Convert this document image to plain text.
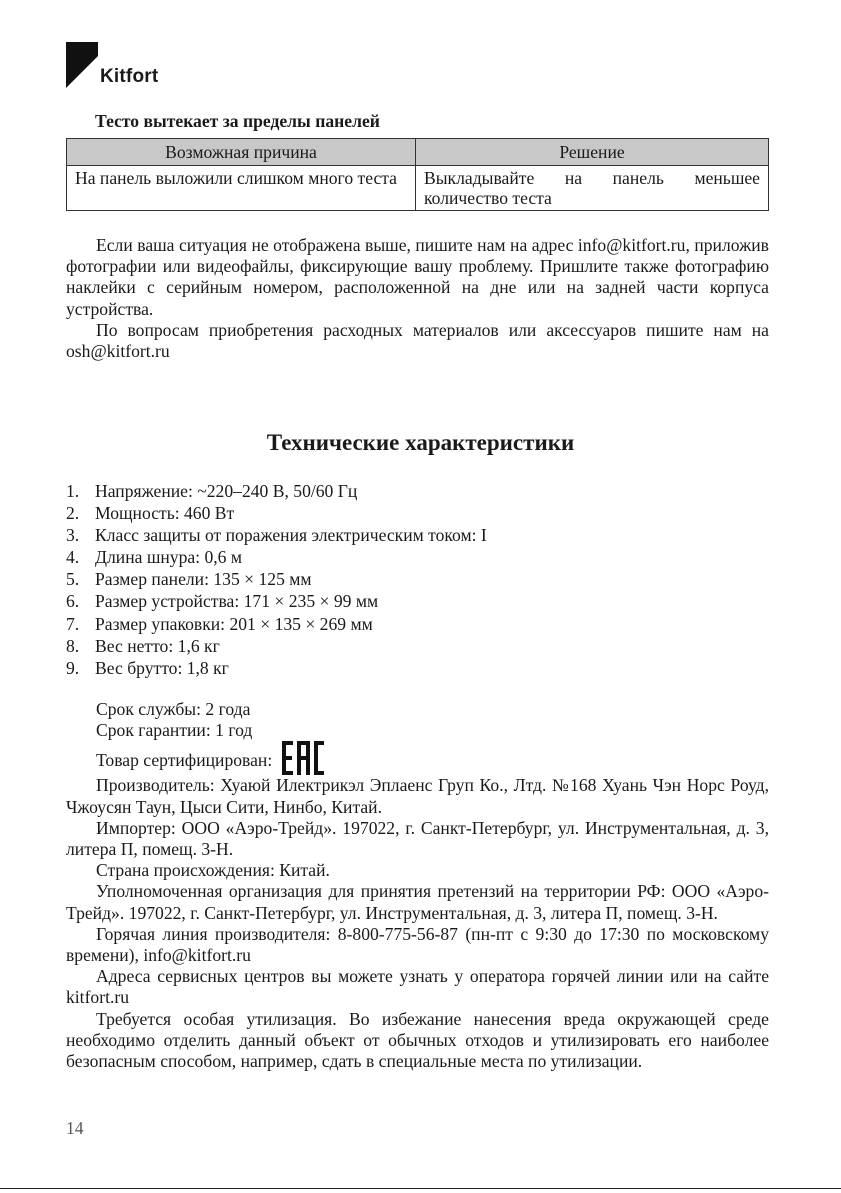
Kitfort
Тесто вытекает за пределы панелей
Возможная причина	Решение
На панель выложили слишком много теста	Выкладывайте на панель меньшее количество теста

Если ваша ситуация не отображена выше, пишите нам на адрес info@kitfort.ru, приложив фотографии или видеофайлы, фиксирующие вашу проблему. Пришлите также фотографию наклейки с серийным номером, расположенной на дне или на задней части корпуса устройства.

По вопросам приобретения расходных материалов или аксессуаров пишите нам на osh@kitfort.ru

Технические характеристики
1. Напряжение: ~220–240 В, 50/60 Гц
2. Мощность: 460 Вт
3. Класс защиты от поражения электрическим током: I
4. Длина шнура: 0,6 м
5. Размер панели: 135 × 125 мм
6. Размер устройства: 171 × 235 × 99 мм
7. Размер упаковки: 201 × 135 × 269 мм
8. Вес нетто: 1,6 кг
9. Вес брутто: 1,8 кг

Срок службы: 2 года

Срок гарантии: 1 год

Товар сертифицирован:

Производитель: Хуаюй Илектрикэл Эплаенс Груп Ко., Лтд. №168 Хуань Чэн Норс Роуд, Чжоусян Таун, Цыси Сити, Нинбо, Китай.

Импортер: ООО «Аэро-Трейд». 197022, г. Санкт-Петербург, ул. Инструментальная, д. 3, литера П, помещ. 3-Н.

Страна происхождения: Китай.

Уполномоченная организация для принятия претензий на территории РФ: ООО «Аэро-Трейд». 197022, г. Санкт-Петербург, ул. Инструментальная, д. 3, литера П, помещ. 3-Н.

Горячая линия производителя: 8-800-775-56-87 (пн-пт с 9:30 до 17:30 по московскому времени), info@kitfort.ru

Адреса сервисных центров вы можете узнать у оператора горячей линии или на сайте kitfort.ru

Требуется особая утилизация. Во избежание нанесения вреда окружающей среде необходимо отделить данный объект от обычных отходов и утилизировать его наиболее безопасным способом, например, сдать в специальные места по утилизации.

14
